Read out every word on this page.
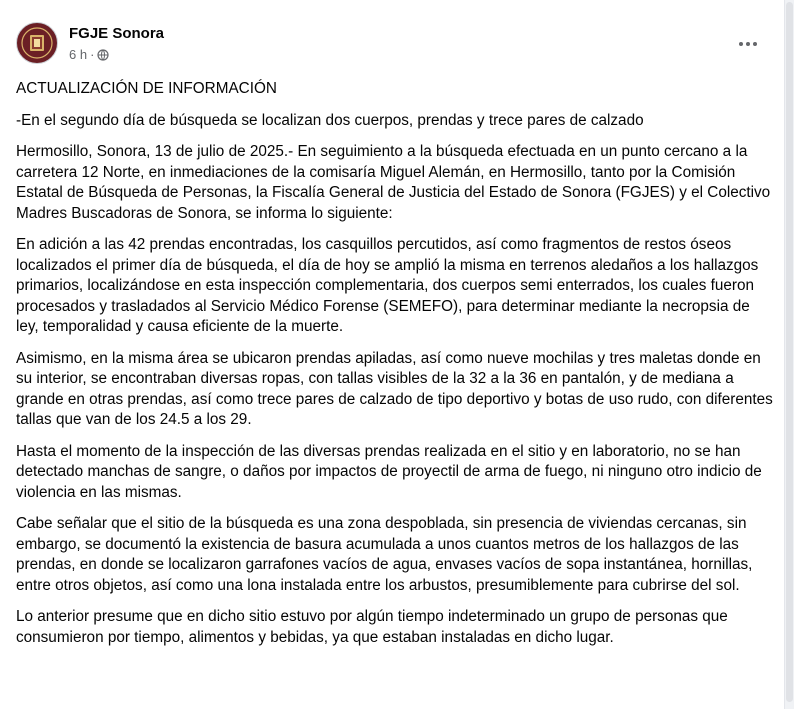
FGJE Sonora
6 h ·

ACTUALIZACIÓN DE INFORMACIÓN

-En el segundo día de búsqueda se localizan dos cuerpos, prendas y trece pares de calzado

Hermosillo, Sonora, 13 de julio de 2025.- En seguimiento a la búsqueda efectuada en un punto cercano a la carretera 12 Norte, en inmediaciones de la comisaría Miguel Alemán, en Hermosillo, tanto por la Comisión Estatal de Búsqueda de Personas, la Fiscalía General de Justicia del Estado de Sonora (FGJES) y el Colectivo Madres Buscadoras de Sonora, se informa lo siguiente:

En adición a las 42 prendas encontradas, los casquillos percutidos, así como fragmentos de restos óseos localizados el primer día de búsqueda, el día de hoy se amplió la misma en terrenos aledaños a los hallazgos primarios, localizándose en esta inspección complementaria, dos cuerpos semi enterrados, los cuales fueron procesados y trasladados al Servicio Médico Forense (SEMEFO), para determinar mediante la necropsia de ley, temporalidad y causa eficiente de la muerte.

Asimismo, en la misma área se ubicaron prendas apiladas, así como nueve mochilas y tres maletas donde en su interior, se encontraban diversas ropas, con tallas visibles de la 32 a la 36 en pantalón, y de mediana a grande en otras prendas, así como trece pares de calzado de tipo deportivo y botas de uso rudo, con diferentes tallas que van de los 24.5 a los 29.

Hasta el momento de la inspección de las diversas prendas realizada en el sitio y en laboratorio, no se han detectado manchas de sangre, o daños por impactos de proyectil de arma de fuego, ni ninguno otro indicio de violencia en las mismas.

Cabe señalar que el sitio de la búsqueda es una zona despoblada, sin presencia de viviendas cercanas, sin embargo, se documentó la existencia de basura acumulada a unos cuantos metros de los hallazgos de las prendas, en donde se localizaron garrafones vacíos de agua, envases vacíos de sopa instantánea, hornillas, entre otros objetos, así como una lona instalada entre los arbustos, presumiblemente para cubrirse del sol.

Lo anterior presume que en dicho sitio estuvo por algún tiempo indeterminado un grupo de personas que consumieron por tiempo, alimentos y bebidas, ya que estaban instaladas en dicho lugar.
